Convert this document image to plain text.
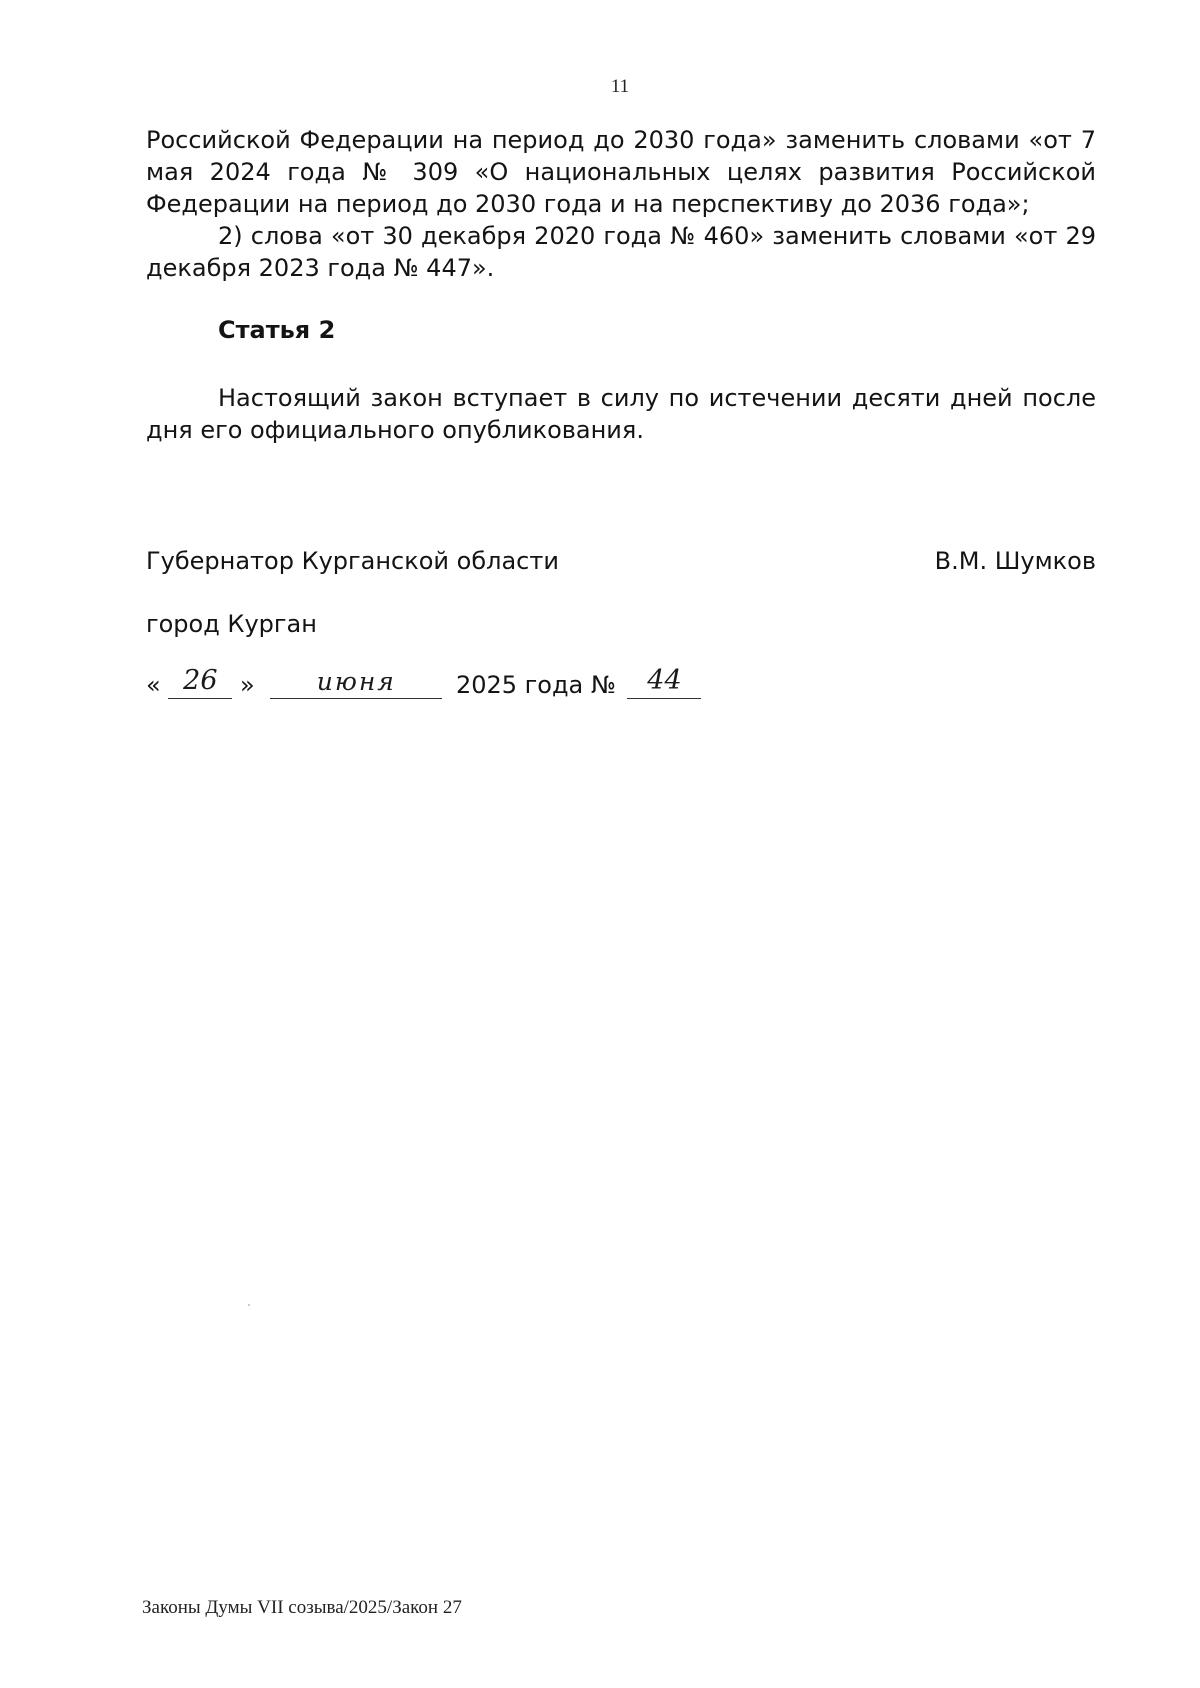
11
Российской Федерации на период до 2030 года» заменить словами «от 7 мая 2024 года № 309 «О национальных целях развития Российской Федерации на период до 2030 года и на перспективу до 2036 года»;
2) слова «от 30 декабря 2020 года № 460» заменить словами «от 29 декабря 2023 года № 447».
Статья 2
Настоящий закон вступает в силу по истечении десяти дней после дня его официального опубликования.
Губернатор Курганской области	В.М. Шумков
город Курган
« 26 »	июня	2025 года №	44
Законы Думы VII созыва/2025/Закон 27
